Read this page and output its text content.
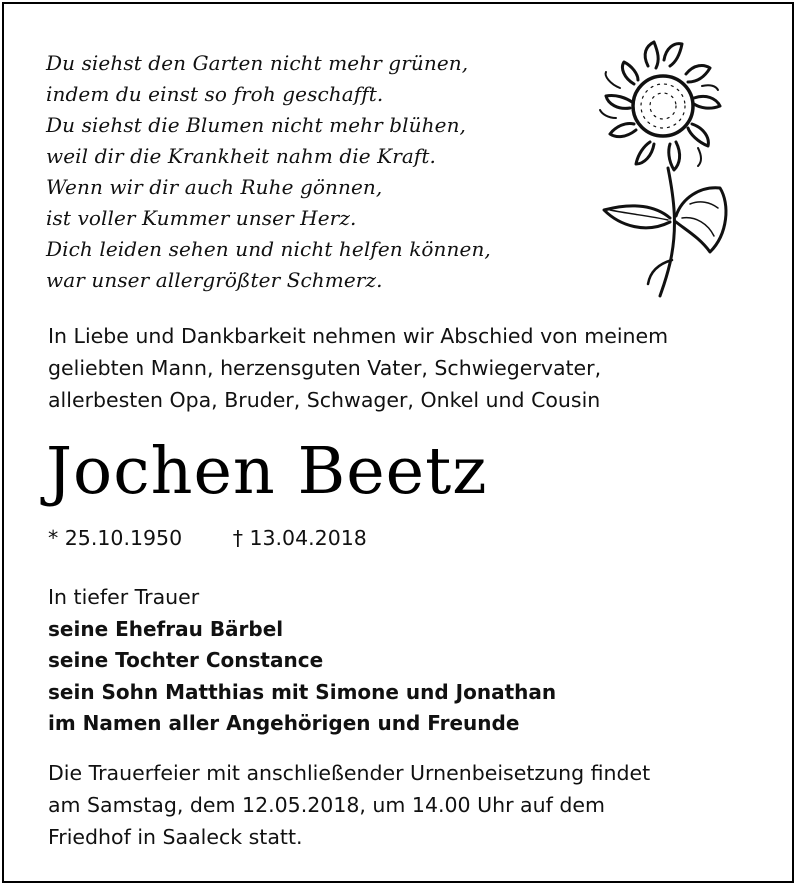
Du siehst den Garten nicht mehr grünen,
indem du einst so froh geschafft.
Du siehst die Blumen nicht mehr blühen,
weil dir die Krankheit nahm die Kraft.
Wenn wir dir auch Ruhe gönnen,
ist voller Kummer unser Herz.
Dich leiden sehen und nicht helfen können,
war unser allergrößter Schmerz.
In Liebe und Dankbarkeit nehmen wir Abschied von meinem
geliebten Mann, herzensguten Vater, Schwiegervater,
allerbesten Opa, Bruder, Schwager, Onkel und Cousin
Jochen Beetz
* 25.10.1950 † 13.04.2018
In tiefer Trauer
seine Ehefrau Bärbel
seine Tochter Constance
sein Sohn Matthias mit Simone und Jonathan
im Namen aller Angehörigen und Freunde
Die Trauerfeier mit anschließender Urnenbeisetzung findet
am Samstag, dem 12.05.2018, um 14.00 Uhr auf dem
Friedhof in Saaleck statt.
